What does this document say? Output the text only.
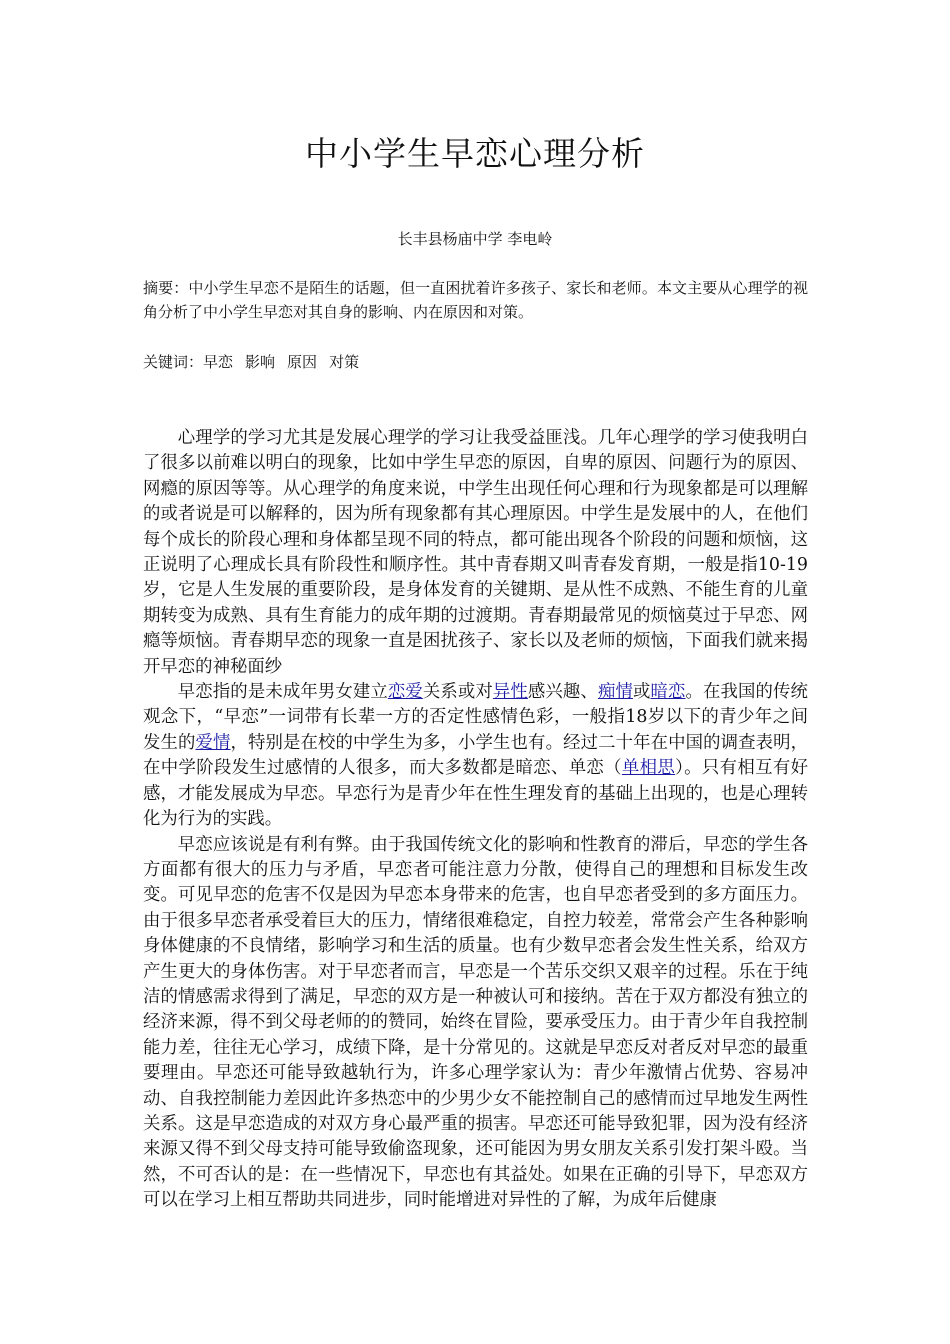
中小学生早恋心理分析

长丰县杨庙中学 李电岭

摘要：中小学生早恋不是陌生的话题，但一直困扰着许多孩子、家长和老师。本文主要从心理学的视角分析了中小学生早恋对其自身的影响、内在原因和对策。

关键词：早恋 影响 原因 对策

心理学的学习尤其是发展心理学的学习让我受益匪浅。几年心理学的学习使我明白了很多以前难以明白的现象，比如中学生早恋的原因，自卑的原因、问题行为的原因、网瘾的原因等等。从心理学的角度来说，中学生出现任何心理和行为现象都是可以理解的或者说是可以解释的，因为所有现象都有其心理原因。中学生是发展中的人，在他们每个成长的阶段心理和身体都呈现不同的特点，都可能出现各个阶段的问题和烦恼，这正说明了心理成长具有阶段性和顺序性。其中青春期又叫青春发育期，一般是指10-19岁，它是人生发展的重要阶段，是身体发育的关键期、是从性不成熟、不能生育的儿童期转变为成熟、具有生育能力的成年期的过渡期。青春期最常见的烦恼莫过于早恋、网瘾等烦恼。青春期早恋的现象一直是困扰孩子、家长以及老师的烦恼，下面我们就来揭开早恋的神秘面纱

早恋指的是未成年男女建立恋爱关系或对异性感兴趣、痴情或暗恋。在我国的传统观念下，“早恋”一词带有长辈一方的否定性感情色彩，一般指18岁以下的青少年之间发生的爱情，特别是在校的中学生为多，小学生也有。经过二十年在中国的调查表明，在中学阶段发生过感情的人很多，而大多数都是暗恋、单恋（单相思）。只有相互有好感，才能发展成为早恋。早恋行为是青少年在性生理发育的基础上出现的，也是心理转化为行为的实践。

早恋应该说是有利有弊。由于我国传统文化的影响和性教育的滞后，早恋的学生各方面都有很大的压力与矛盾，早恋者可能注意力分散，使得自己的理想和目标发生改变。可见早恋的危害不仅是因为早恋本身带来的危害，也自早恋者受到的多方面压力。由于很多早恋者承受着巨大的压力，情绪很难稳定，自控力较差，常常会产生各种影响身体健康的不良情绪，影响学习和生活的质量。也有少数早恋者会发生性关系，给双方产生更大的身体伤害。对于早恋者而言，早恋是一个苦乐交织又艰辛的过程。乐在于纯洁的情感需求得到了满足，早恋的双方是一种被认可和接纳。苦在于双方都没有独立的经济来源，得不到父母老师的的赞同，始终在冒险，要承受压力。由于青少年自我控制能力差，往往无心学习，成绩下降，是十分常见的。这就是早恋反对者反对早恋的最重要理由。早恋还可能导致越轨行为，许多心理学家认为：青少年激情占优势、容易冲动、自我控制能力差因此许多热恋中的少男少女不能控制自己的感情而过早地发生两性关系。这是早恋造成的对双方身心最严重的损害。早恋还可能导致犯罪，因为没有经济来源又得不到父母支持可能导致偷盗现象，还可能因为男女朋友关系引发打架斗殴。当然，不可否认的是：在一些情况下，早恋也有其益处。如果在正确的引导下，早恋双方可以在学习上相互帮助共同进步，同时能增进对异性的了解，为成年后健康
